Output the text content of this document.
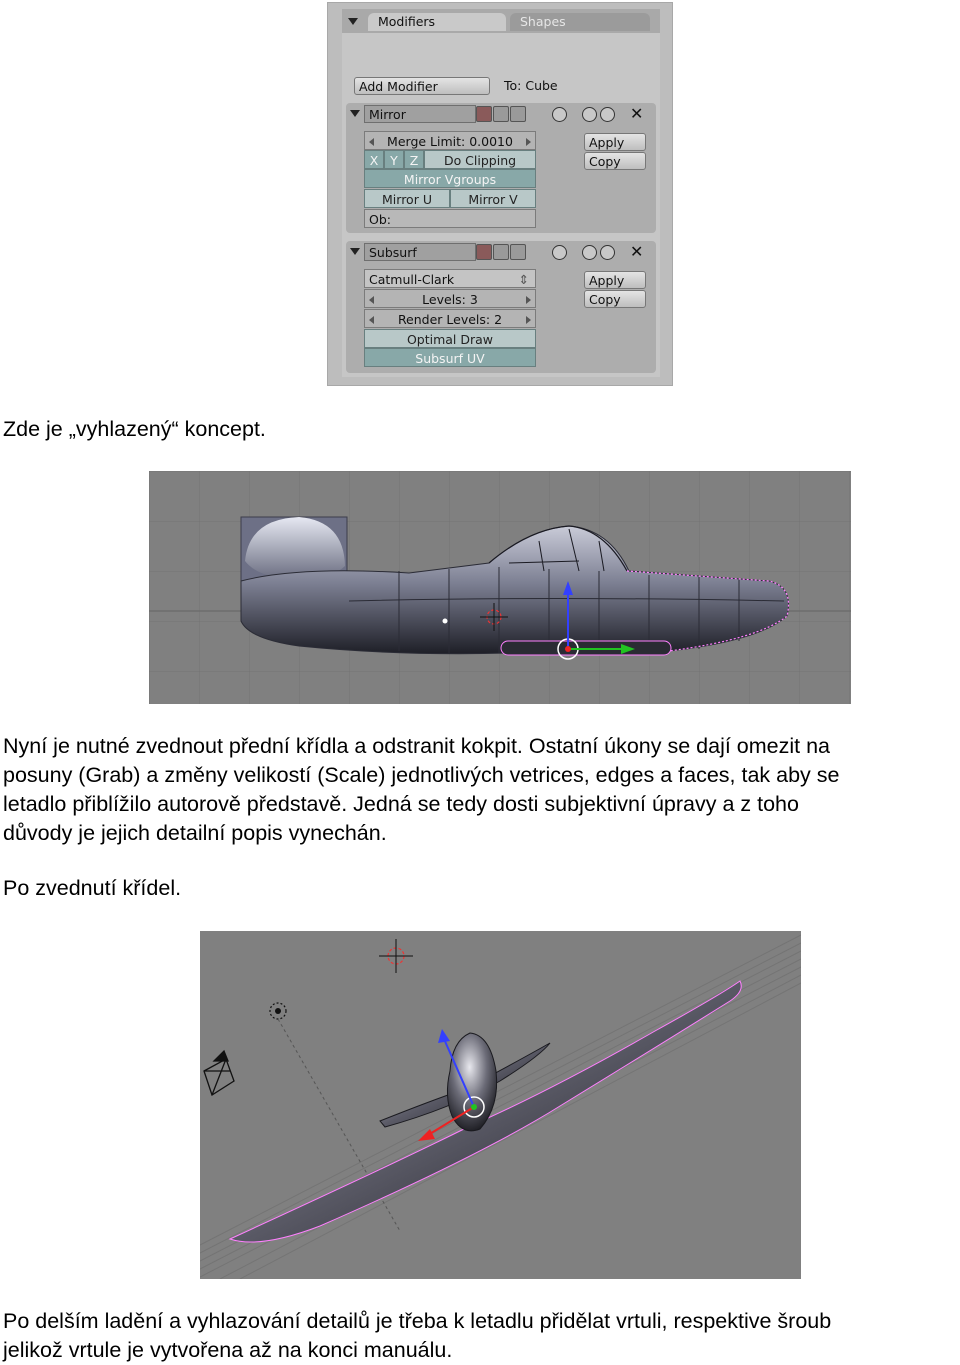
Modifiers	Shapes
Add Modifier	To: Cube
Mirror	✕
Merge Limit: 0.0010
X Y Z	Do Clipping
Mirror Vgroups
Mirror U	Mirror V
Ob:
Apply
Copy
Subsurf	✕
Catmull-Clark	⇕
Levels: 3
Render Levels: 2
Optimal Draw
Subsurf UV
Apply
Copy

Zde je „vyhlazený“ koncept.

Nyní je nutné zvednout přední křídla a odstranit kokpit. Ostatní úkony se dají omezit na

posuny (Grab) a změny velikostí (Scale) jednotlivých vetrices, edges a faces, tak aby se

letadlo přiblížilo autorově představě. Jedná se tedy dosti subjektivní úpravy a z toho

důvody je jejich detailní popis vynechán.

Po zvednutí křídel.

Po delším ladění a vyhlazování detailů je třeba k letadlu přidělat vrtuli, respektive šroub

jelikož vrtule je vytvořena až na konci manuálu.
